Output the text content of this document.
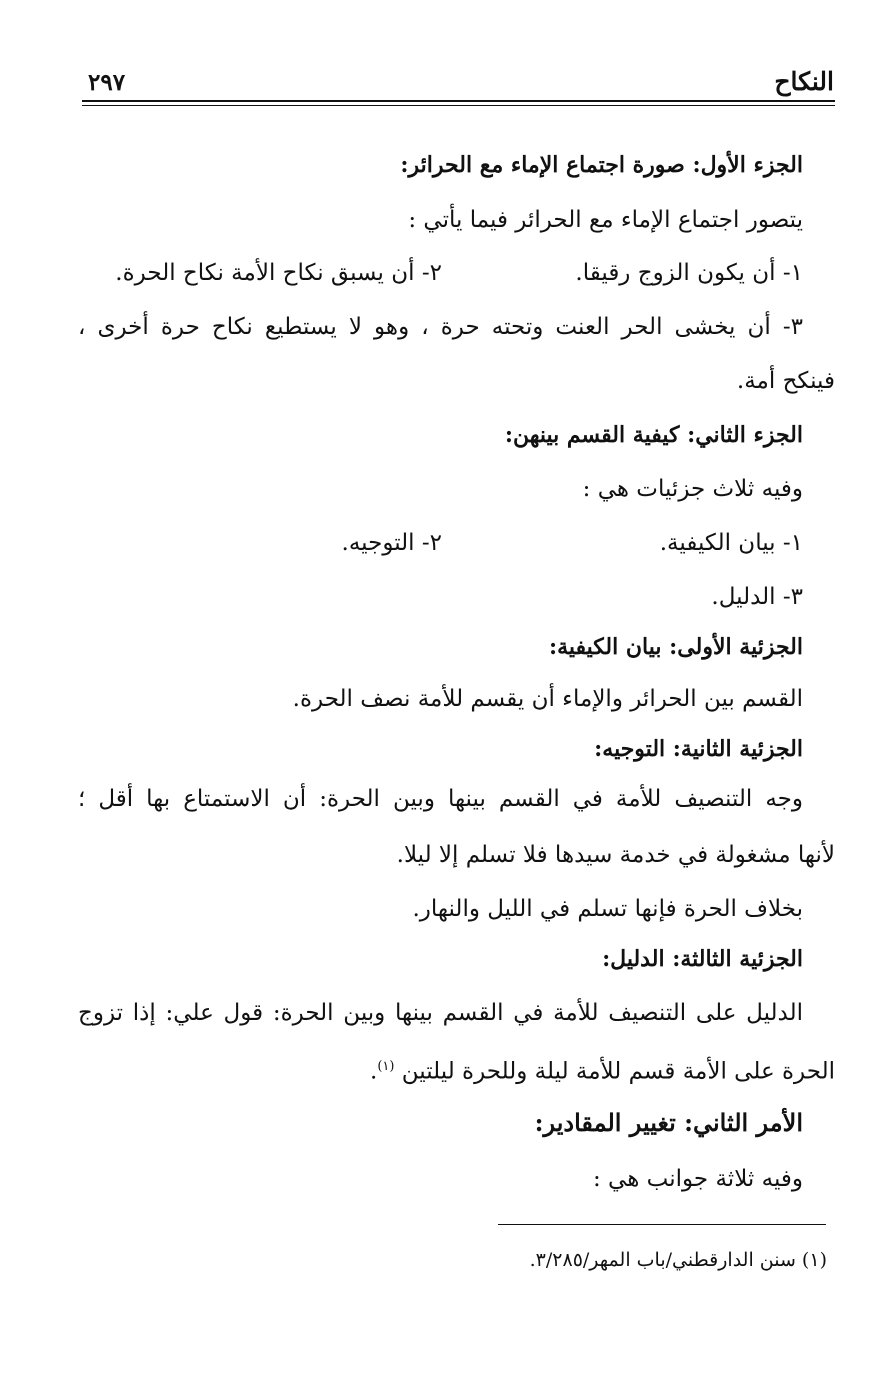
النكاح
٢٩٧
الجزء الأول: صورة اجتماع الإماء مع الحرائر:
يتصور اجتماع الإماء مع الحرائر فيما يأتي :
١- أن يكون الزوج رقيقا.
٢- أن يسبق نكاح الأمة نكاح الحرة.
٣- أن يخشى الحر العنت وتحته حرة ، وهو لا يستطيع نكاح حرة أخرى ،
فينكح أمة.
الجزء الثاني: كيفية القسم بينهن:
وفيه ثلاث جزئيات هي :
١- بيان الكيفية.
٢- التوجيه.
٣- الدليل.
الجزئية الأولى: بيان الكيفية:
القسم بين الحرائر والإماء أن يقسم للأمة نصف الحرة.
الجزئية الثانية: التوجيه:
وجه التنصيف للأمة في القسم بينها وبين الحرة: أن الاستمتاع بها أقل ؛
لأنها مشغولة في خدمة سيدها فلا تسلم إلا ليلا.
بخلاف الحرة فإنها تسلم في الليل والنهار.
الجزئية الثالثة: الدليل:
الدليل على التنصيف للأمة في القسم بينها وبين الحرة: قول علي: إذا تزوج
الحرة على الأمة قسم للأمة ليلة وللحرة ليلتين $^{(١)}$.
الأمر الثاني: تغيير المقادير:
وفيه ثلاثة جوانب هي :
(١) سنن الدارقطني/باب المهر/٣/٢٨٥.
